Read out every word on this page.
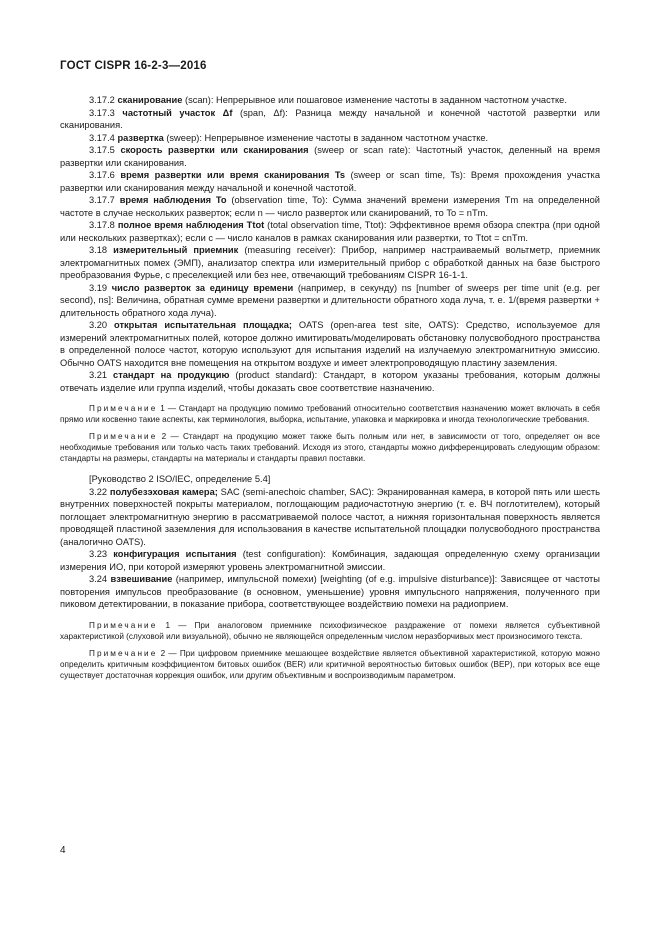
ГОСТ CISPR 16-2-3—2016

3.17.2 сканирование (scan): Непрерывное или пошаговое изменение частоты в заданном частотном участке.

3.17.3 частотный участок Δf (span, Δf): Разница между начальной и конечной частотой развертки или сканирования.

3.17.4 развертка (sweep): Непрерывное изменение частоты в заданном частотном участке.

3.17.5 скорость развертки или сканирования (sweep or scan rate): Частотный участок, деленный на время развертки или сканирования.

3.17.6 время развертки или время сканирования Ts (sweep or scan time, Ts): Время прохождения участка развертки или сканирования между начальной и конечной частотой.

3.17.7 время наблюдения To (observation time, To): Сумма значений времени измерения Tm на определенной частоте в случае нескольких разверток; если n — число разверток или сканирований, то To = nTm.

3.17.8 полное время наблюдения Ttot (total observation time, Ttot): Эффективное время обзора спектра (при одной или нескольких развертках); если c — число каналов в рамках сканирования или развертки, то Ttot = cnTm.

3.18 измерительный приемник (measuring receiver): Прибор, например настраиваемый вольтметр, приемник электромагнитных помех (ЭМП), анализатор спектра или измерительный прибор с обработкой данных на базе быстрого преобразования Фурье, с преселекцией или без нее, отвечающий требованиям CISPR 16-1-1.

3.19 число разверток за единицу времени (например, в секунду) ns [number of sweeps per time unit (e.g. per second), ns]: Величина, обратная сумме времени развертки и длительности обратного хода луча, т. е. 1/(время развертки + длительность обратного хода луча).

3.20 открытая испытательная площадка; OATS (open-area test site, OATS): Средство, используемое для измерений электромагнитных полей, которое должно имитировать/моделировать обстановку полусвободного пространства в определенной полосе частот, которую используют для испытания изделий на излучаемую электромагнитную эмиссию. Обычно OATS находится вне помещения на открытом воздухе и имеет электропроводящую пластину заземления.

3.21 стандарт на продукцию (product standard): Стандарт, в котором указаны требования, которым должны отвечать изделие или группа изделий, чтобы доказать свое соответствие назначению.

Примечание 1 — Стандарт на продукцию помимо требований относительно соответствия назначению может включать в себя прямо или косвенно такие аспекты, как терминология, выборка, испытание, упаковка и маркировка и иногда технологические требования.

Примечание 2 — Стандарт на продукцию может также быть полным или нет, в зависимости от того, определяет он все необходимые требования или только часть таких требований. Исходя из этого, стандарты можно дифференцировать следующим образом: стандарты на размеры, стандарты на материалы и стандарты правил поставки.

[Руководство 2 ISO/IEC, определение 5.4]

3.22 полубезэховая камера; SAC (semi-anechoic chamber, SAC): Экранированная камера, в которой пять или шесть внутренних поверхностей покрыты материалом, поглощающим радиочастотную энергию (т. е. ВЧ поглотителем), который поглощает электромагнитную энергию в рассматриваемой полосе частот, а нижняя горизонтальная поверхность является проводящей пластиной заземления для использования в качестве испытательной площадки полусвободного пространства (аналогично OATS).

3.23 конфигурация испытания (test configuration): Комбинация, задающая определенную схему организации измерения ИО, при которой измеряют уровень электромагнитной эмиссии.

3.24 взвешивание (например, импульсной помехи) [weighting (of e.g. impulsive disturbance)]: Зависящее от частоты повторения импульсов преобразование (в основном, уменьшение) уровня импульсного напряжения, полученного при пиковом детектировании, в показание прибора, соответствующее воздействию помехи на радиоприем.

Примечание 1 — При аналоговом приемнике психофизическое раздражение от помехи является субъективной характеристикой (слуховой или визуальной), обычно не являющейся определенным числом неразборчивых мест произносимого текста.

Примечание 2 — При цифровом приемнике мешающее воздействие является объективной характеристикой, которую можно определить критичным коэффициентом битовых ошибок (BER) или критичной вероятностью битовых ошибок (BEP), при которых все еще существует достаточная коррекция ошибок, или другим объективным и воспроизводимым параметром.

4
